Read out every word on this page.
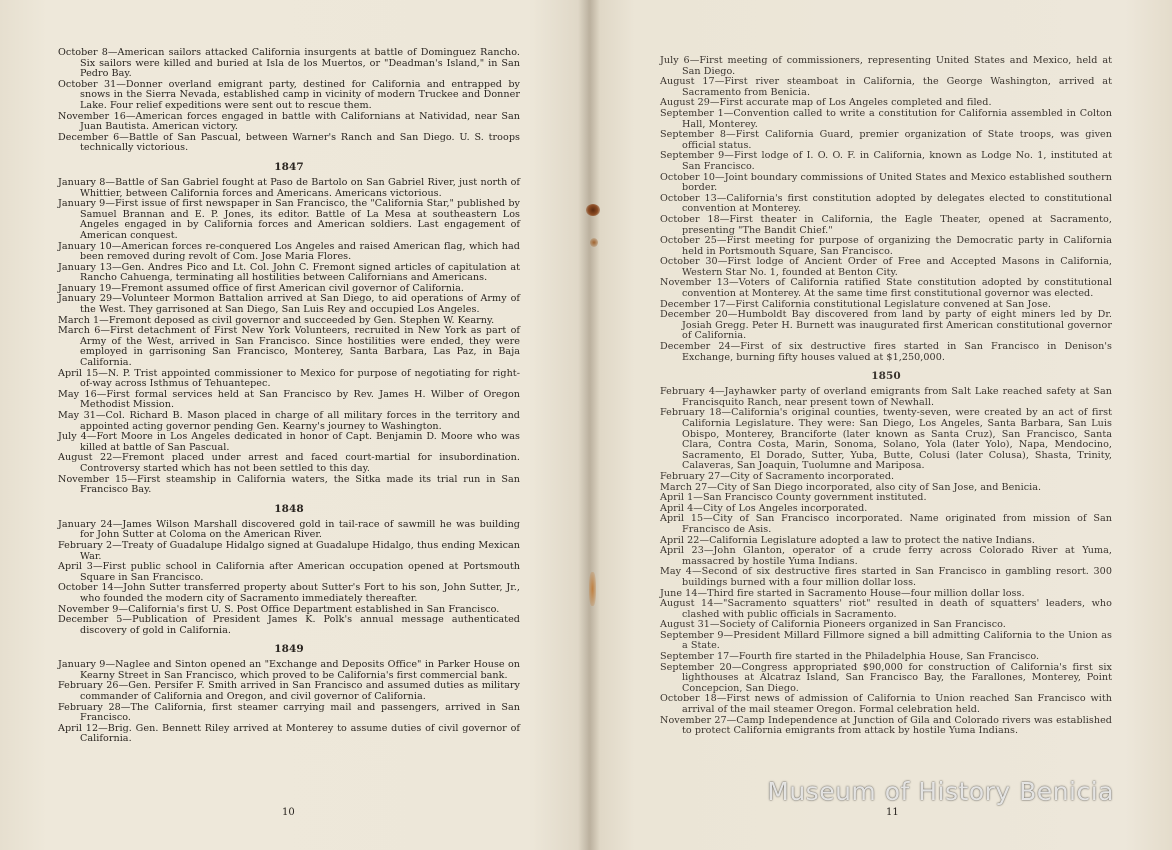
October 8—American sailors attacked California insurgents at battle of Dominguez Rancho. Six sailors were killed and buried at Isla de los Muertos, or "Deadman's Island," in San Pedro Bay.

October 31—Donner overland emigrant party, destined for California and entrapped by snows in the Sierra Nevada, established camp in vicinity of modern Truckee and Donner Lake. Four relief expeditions were sent out to rescue them.

November 16—American forces engaged in battle with Californians at Natividad, near San Juan Bautista. American victory.

December 6—Battle of San Pascual, between Warner's Ranch and San Diego. U. S. troops technically victorious.

1847

January 8—Battle of San Gabriel fought at Paso de Bartolo on San Gabriel River, just north of Whittier, between California forces and Americans. Americans victorious.

January 9—First issue of first newspaper in San Francisco, the "California Star," published by Samuel Brannan and E. P. Jones, its editor. Battle of La Mesa at southeastern Los Angeles engaged in by California forces and American soldiers. Last engagement of American conquest.

January 10—American forces re-conquered Los Angeles and raised American flag, which had been removed during revolt of Com. Jose Maria Flores.

January 13—Gen. Andres Pico and Lt. Col. John C. Fremont signed articles of capitulation at Rancho Cahuenga, terminating all hostilities between Californians and Americans.

January 19—Fremont assumed office of first American civil governor of California.

January 29—Volunteer Mormon Battalion arrived at San Diego, to aid operations of Army of the West. They garrisoned at San Diego, San Luis Rey and occupied Los Angeles.

March 1—Fremont deposed as civil governor and succeeded by Gen. Stephen W. Kearny.

March 6—First detachment of First New York Volunteers, recruited in New York as part of Army of the West, arrived in San Francisco. Since hostilities were ended, they were employed in garrisoning San Francisco, Monterey, Santa Barbara, Las Paz, in Baja California.

April 15—N. P. Trist appointed commissioner to Mexico for purpose of negotiating for right-of-way across Isthmus of Tehuantepec.

May 16—First formal services held at San Francisco by Rev. James H. Wilber of Oregon Methodist Mission.

May 31—Col. Richard B. Mason placed in charge of all military forces in the territory and appointed acting governor pending Gen. Kearny's journey to Washington.

July 4—Fort Moore in Los Angeles dedicated in honor of Capt. Benjamin D. Moore who was killed at battle of San Pascual.

August 22—Fremont placed under arrest and faced court-martial for insubordination. Controversy started which has not been settled to this day.

November 15—First steamship in California waters, the Sitka made its trial run in San Francisco Bay.

1848

January 24—James Wilson Marshall discovered gold in tail-race of sawmill he was building for John Sutter at Coloma on the American River.

February 2—Treaty of Guadalupe Hidalgo signed at Guadalupe Hidalgo, thus ending Mexican War.

April 3—First public school in California after American occupation opened at Portsmouth Square in San Francisco.

October 14—John Sutter transferred property about Sutter's Fort to his son, John Sutter, Jr., who founded the modern city of Sacramento immediately thereafter.

November 9—California's first U. S. Post Office Department established in San Francisco.

December 5—Publication of President James K. Polk's annual message authenticated discovery of gold in California.

1849

January 9—Naglee and Sinton opened an "Exchange and Deposits Office" in Parker House on Kearny Street in San Francisco, which proved to be California's first commercial bank.

February 26—Gen. Persifer F. Smith arrived in San Francisco and assumed duties as military commander of California and Oregon, and civil governor of California.

February 28—The California, first steamer carrying mail and passengers, arrived in San Francisco.

April 12—Brig. Gen. Bennett Riley arrived at Monterey to assume duties of civil governor of California.

10

July 6—First meeting of commissioners, representing United States and Mexico, held at San Diego.

August 17—First river steamboat in California, the George Washington, arrived at Sacramento from Benicia.

August 29—First accurate map of Los Angeles completed and filed.

September 1—Convention called to write a constitution for California assembled in Colton Hall, Monterey.

September 8—First California Guard, premier organization of State troops, was given official status.

September 9—First lodge of I. O. O. F. in California, known as Lodge No. 1, instituted at San Francisco.

October 10—Joint boundary commissions of United States and Mexico established southern border.

October 13—California's first constitution adopted by delegates elected to constitutional convention at Monterey.

October 18—First theater in California, the Eagle Theater, opened at Sacramento, presenting "The Bandit Chief."

October 25—First meeting for purpose of organizing the Democratic party in California held in Portsmouth Square, San Francisco.

October 30—First lodge of Ancient Order of Free and Accepted Masons in California, Western Star No. 1, founded at Benton City.

November 13—Voters of California ratified State constitution adopted by constitutional convention at Monterey. At the same time first constitutional governor was elected.

December 17—First California constitutional Legislature convened at San Jose.

December 20—Humboldt Bay discovered from land by party of eight miners led by Dr. Josiah Gregg. Peter H. Burnett was inaugurated first American constitutional governor of California.

December 24—First of six destructive fires started in San Francisco in Denison's Exchange, burning fifty houses valued at $1,250,000.

1850

February 4—Jayhawker party of overland emigrants from Salt Lake reached safety at San Francisquito Ranch, near present town of Newhall.

February 18—California's original counties, twenty-seven, were created by an act of first California Legislature. They were: San Diego, Los Angeles, Santa Barbara, San Luis Obispo, Monterey, Branciforte (later known as Santa Cruz), San Francisco, Santa Clara, Contra Costa, Marin, Sonoma, Solano, Yola (later Yolo), Napa, Mendocino, Sacramento, El Dorado, Sutter, Yuba, Butte, Colusi (later Colusa), Shasta, Trinity, Calaveras, San Joaquin, Tuolumne and Mariposa.

February 27—City of Sacramento incorporated.

March 27—City of San Diego incorporated, also city of San Jose, and Benicia.

April 1—San Francisco County government instituted.

April 4—City of Los Angeles incorporated.

April 15—City of San Francisco incorporated. Name originated from mission of San Francisco de Asis.

April 22—California Legislature adopted a law to protect the native Indians.

April 23—John Glanton, operator of a crude ferry across Colorado River at Yuma, massacred by hostile Yuma Indians.

May 4—Second of six destructive fires started in San Francisco in gambling resort. 300 buildings burned with a four million dollar loss.

June 14—Third fire started in Sacramento House—four million dollar loss.

August 14—"Sacramento squatters' riot" resulted in death of squatters' leaders, who clashed with public officials in Sacramento.

August 31—Society of California Pioneers organized in San Francisco.

September 9—President Millard Fillmore signed a bill admitting California to the Union as a State.

September 17—Fourth fire started in the Philadelphia House, San Francisco.

September 20—Congress appropriated $90,000 for construction of California's first six lighthouses at Alcatraz Island, San Francisco Bay, the Farallones, Monterey, Point Concepcion, San Diego.

October 18—First news of admission of California to Union reached San Francisco with arrival of the mail steamer Oregon. Formal celebration held.

November 27—Camp Independence at Junction of Gila and Colorado rivers was established to protect California emigrants from attack by hostile Yuma Indians.

11
Museum of History Benicia
